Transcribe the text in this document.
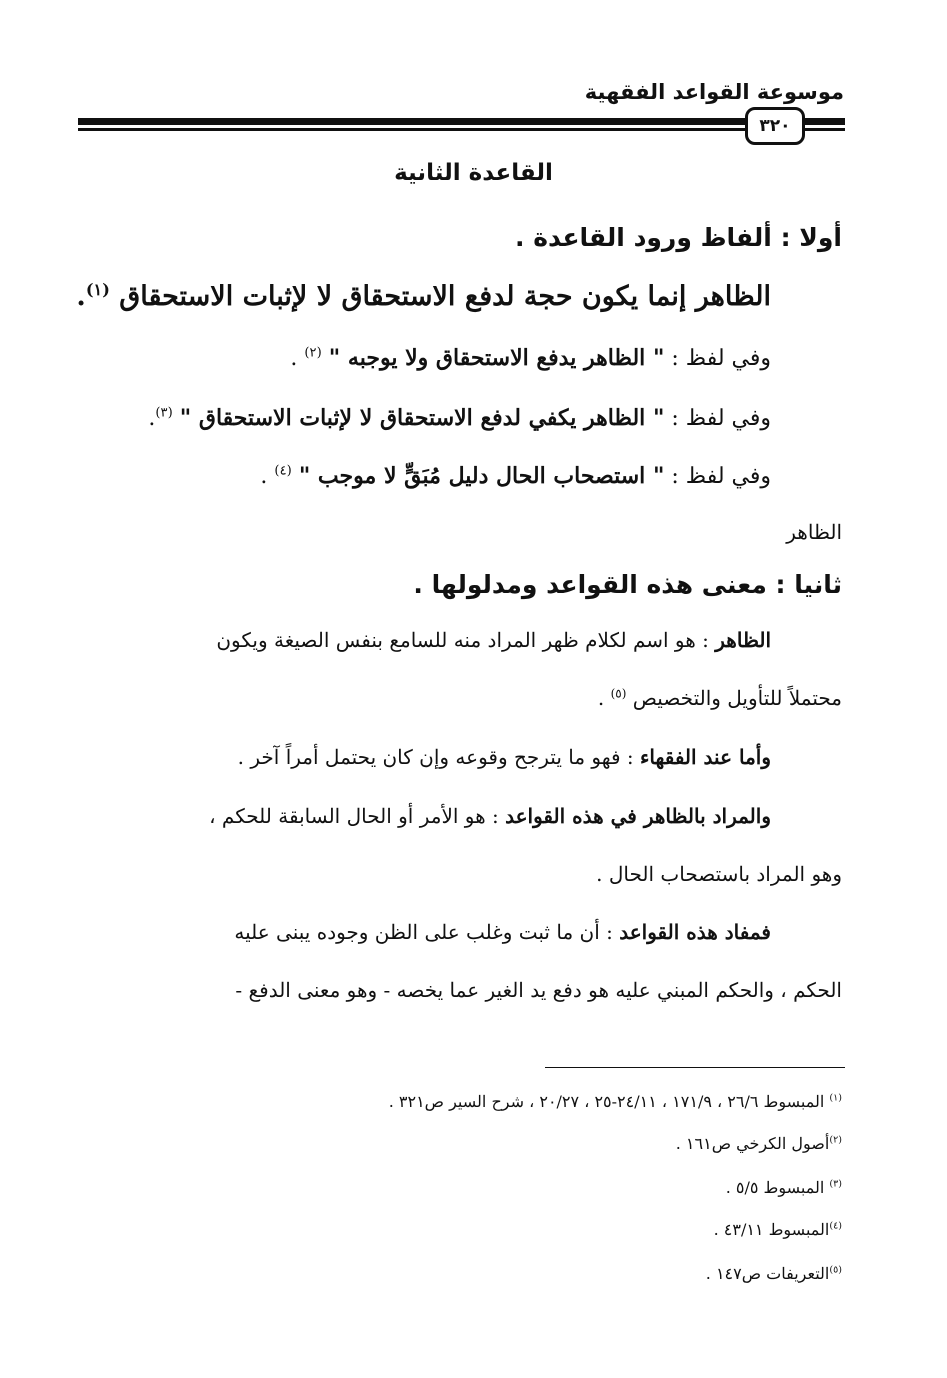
موسوعة القواعد الفقهية
٣٢٠
القاعدة الثانية
أولا : ألفاظ ورود القاعدة .
الظاهر إنما يكون حجة لدفع الاستحقاق لا لإثبات الاستحقاق $^{(١)}$.
وفي لفظ : " الظاهر يدفع الاستحقاق ولا يوجبه " $^{(٢)}$ .
وفي لفظ : " الظاهر يكفي لدفع الاستحقاق لا لإثبات الاستحقاق " $^{(٣)}$.
وفي لفظ : " استصحاب الحال دليل مُبَقٍّ لا موجب " $^{(٤)}$ .
الظاهر
ثانيا : معنى هذه القواعد ومدلولها .
الظاهر : هو اسم لكلام ظهر المراد منه للسامع بنفس الصيغة ويكون
محتملاً للتأويل والتخصيص $^{(٥)}$ .
وأما عند الفقهاء : فهو ما يترجح وقوعه وإن كان يحتمل أمراً آخر .
والمراد بالظاهر في هذه القواعد : هو الأمر أو الحال السابقة للحكم ،
وهو المراد باستصحاب الحال .
فمفاد هذه القواعد : أن ما ثبت وغلب على الظن وجوده يبنى عليه
الحكم ، والحكم المبني عليه هو دفع يد الغير عما يخصه - وهو معنى الدفع -
$^{(١)}$ المبسوط ٢٦/٦ ، ١٧١/٩ ، ٢٤/١١-٢٥ ، ٢٠/٢٧ ، شرح السير ص٣٢١ .
$^{(٢)}$أصول الكرخي ص١٦١ .
$^{(٣)}$ المبسوط ٥/٥ .
$^{(٤)}$المبسوط ٤٣/١١ .
$^{(٥)}$التعريفات ص١٤٧ .
